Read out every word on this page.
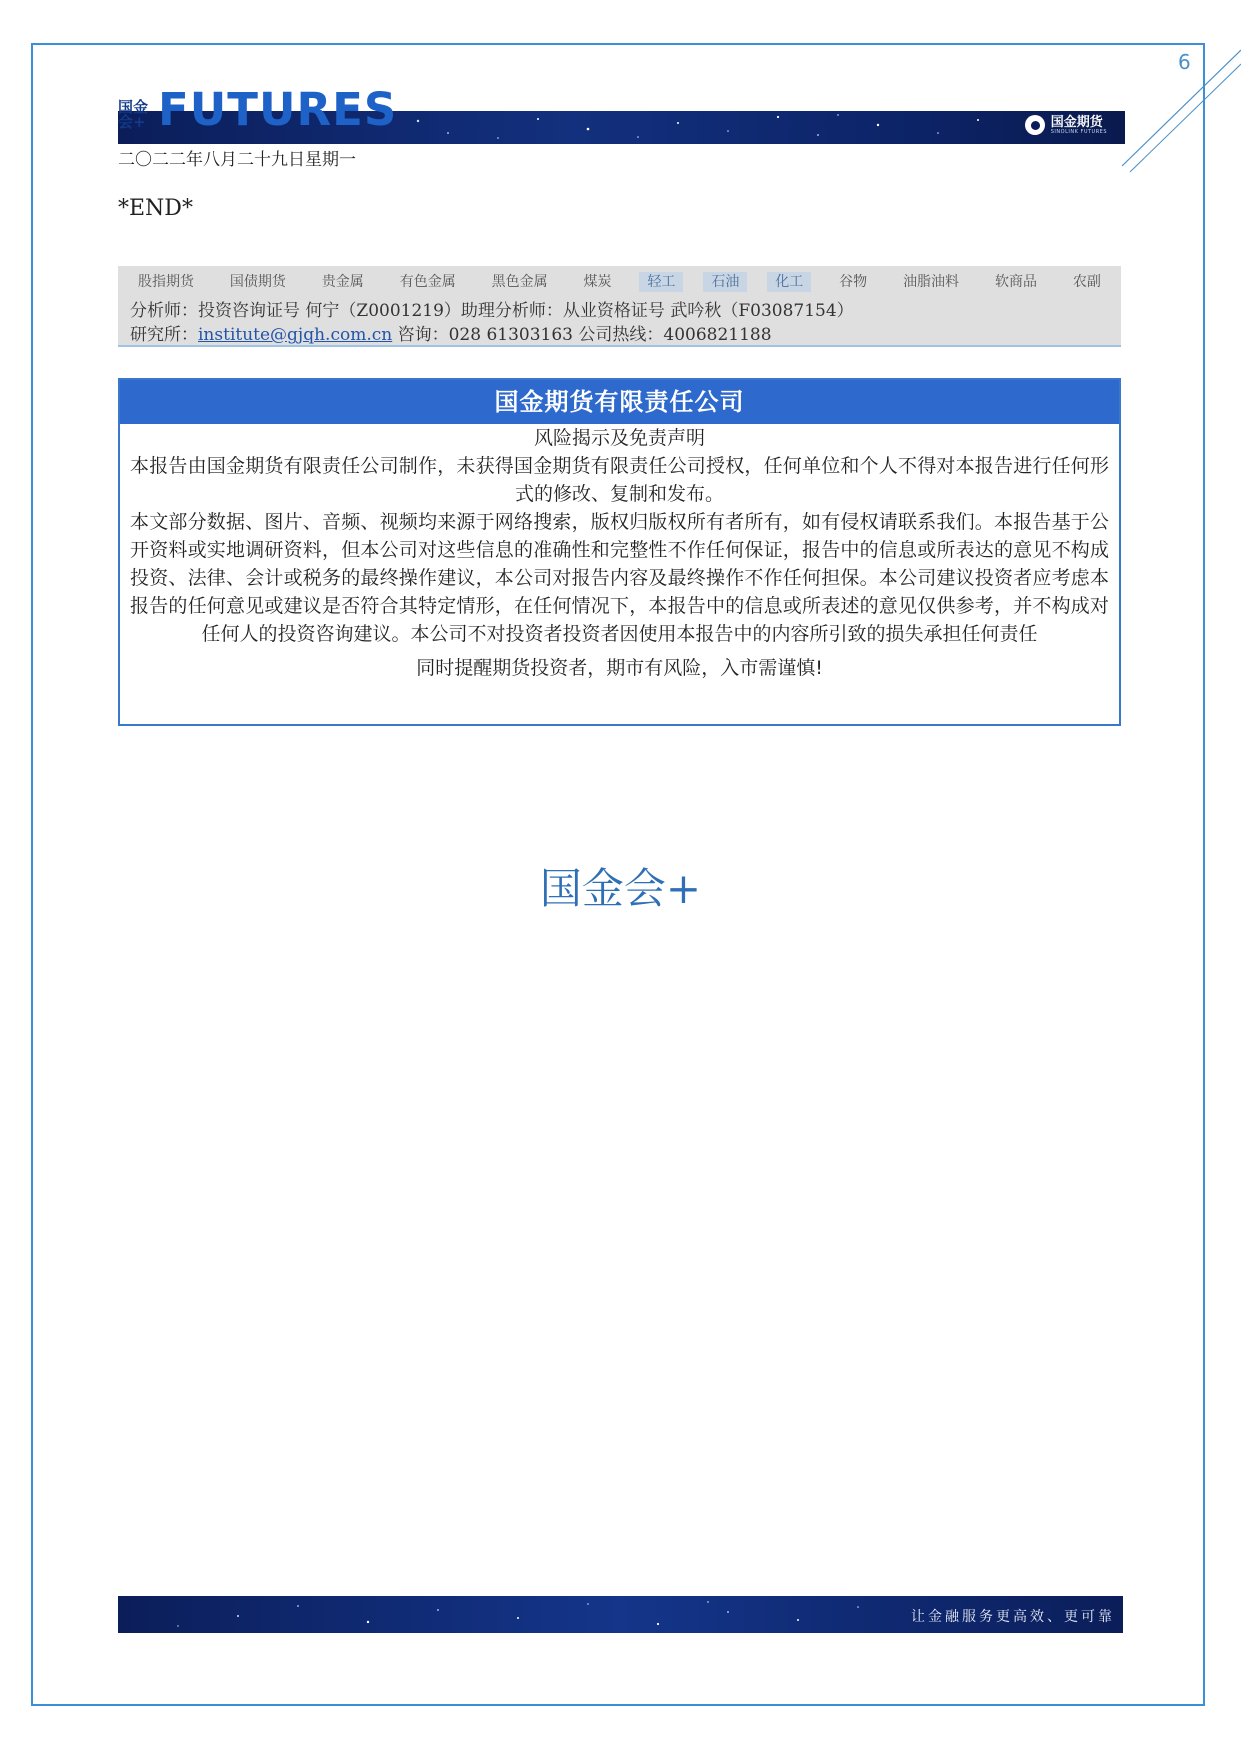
6
国金期货
SINOLINK FUTURES
国金会+ FUTURES
二〇二二年八月二十九日星期一
*END*
股指期货	国债期货	贵金属	有色金属	黑色金属	煤炭	轻工	石油	化工	谷物	油脂油料	软商品	农副
分析师：投资咨询证号 何宁（Z0001219）助理分析师：从业资格证号 武吟秋（F03087154）
研究所：institute@gjqh.com.cn 咨询：028 61303163 公司热线：4006821188
国金期货有限责任公司
风险揭示及免责声明

本报告由国金期货有限责任公司制作，未获得国金期货有限责任公司授权，任何单位和个人不得对本报告进行任何形式的修改、复制和发布。

本文部分数据、图片、音频、视频均来源于网络搜索，版权归版权所有者所有，如有侵权请联系我们。本报告基于公开资料或实地调研资料，但本公司对这些信息的准确性和完整性不作任何保证，报告中的信息或所表达的意见不构成投资、法律、会计或税务的最终操作建议，本公司对报告内容及最终操作不作任何担保。本公司建议投资者应考虑本报告的任何意见或建议是否符合其特定情形，在任何情况下，本报告中的信息或所表述的意见仅供参考，并不构成对任何人的投资咨询建议。本公司不对投资者投资者因使用本报告中的内容所引致的损失承担任何责任

同时提醒期货投资者，期市有风险，入市需谨慎!
国金会+
让金融服务更高效、更可靠
